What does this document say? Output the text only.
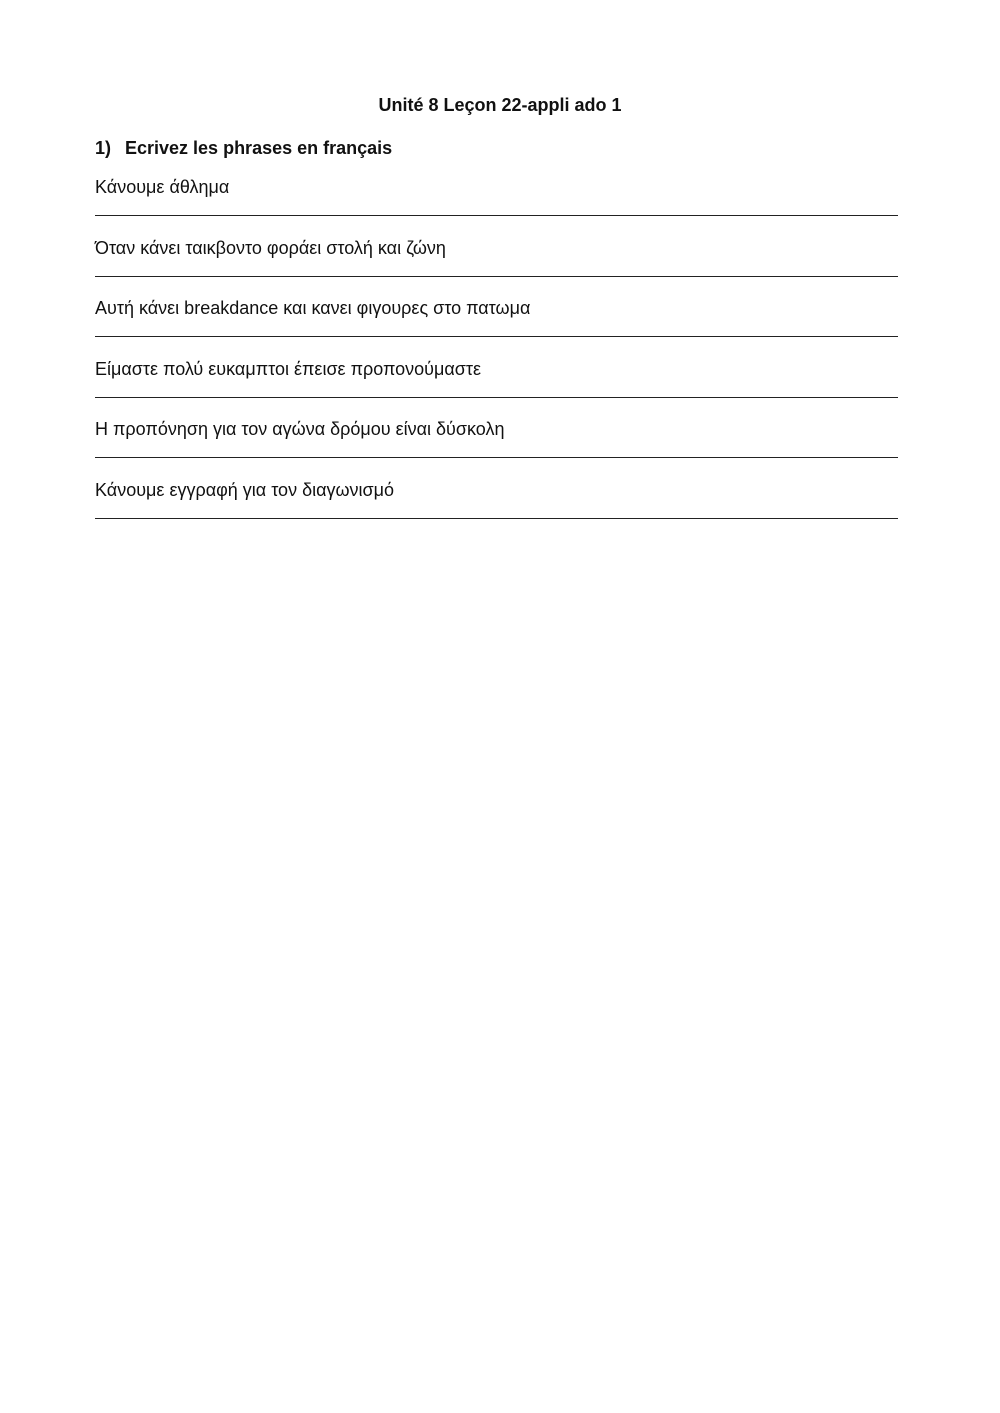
Unité 8 Leçon 22-appli ado 1
1) Ecrivez les phrases en français
Κάνουμε άθλημα
Όταν κάνει ταικβοντο φοράει στολή και ζώνη
Αυτή κάνει breakdance και κανει φιγουρες στο πατωμα
Είμαστε πολύ ευκαμπτοι έπεισε προπονούμαστε
Η προπόνηση για τον αγώνα δρόμου είναι δύσκολη
Κάνουμε εγγραφή για τον διαγωνισμό
